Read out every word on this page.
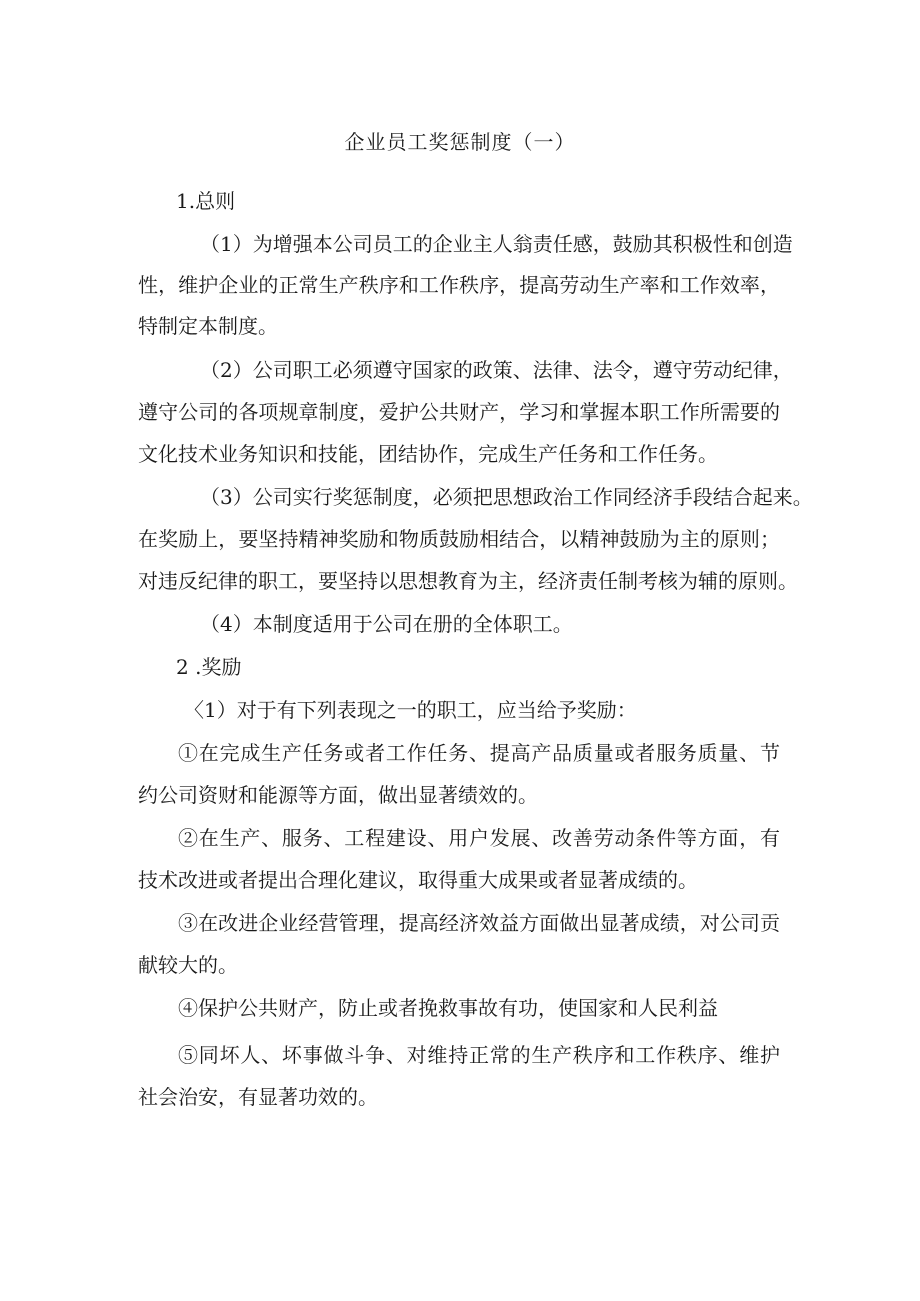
企业员工奖惩制度（一）
1.总则
（1）为增强本公司员工的企业主人翁责任感，鼓励其积极性和创造
性，维护企业的正常生产秩序和工作秩序，提高劳动生产率和工作效率，
特制定本制度。
（2）公司职工必须遵守国家的政策、法律、法令，遵守劳动纪律，
遵守公司的各项规章制度，爱护公共财产，学习和掌握本职工作所需要的
文化技术业务知识和技能，团结协作，完成生产任务和工作任务。
（3）公司实行奖惩制度，必须把思想政治工作同经济手段结合起来。
在奖励上，要坚持精神奖励和物质鼓励相结合，以精神鼓励为主的原则；
对违反纪律的职工，要坚持以思想教育为主，经济责任制考核为辅的原则。
（4）本制度适用于公司在册的全体职工。
2 .奖励
〈1）对于有下列表现之一的职工，应当给予奖励：
①在完成生产任务或者工作任务、提高产品质量或者服务质量、节
约公司资财和能源等方面，做出显著绩效的。
②在生产、服务、工程建设、用户发展、改善劳动条件等方面，有
技术改进或者提出合理化建议，取得重大成果或者显著成绩的。
③在改进企业经营管理，提高经济效益方面做出显著成绩，对公司贡
献较大的。
④保护公共财产，防止或者挽救事故有功，使国家和人民利益
⑤同坏人、坏事做斗争、对维持正常的生产秩序和工作秩序、维护
社会治安，有显著功效的。
